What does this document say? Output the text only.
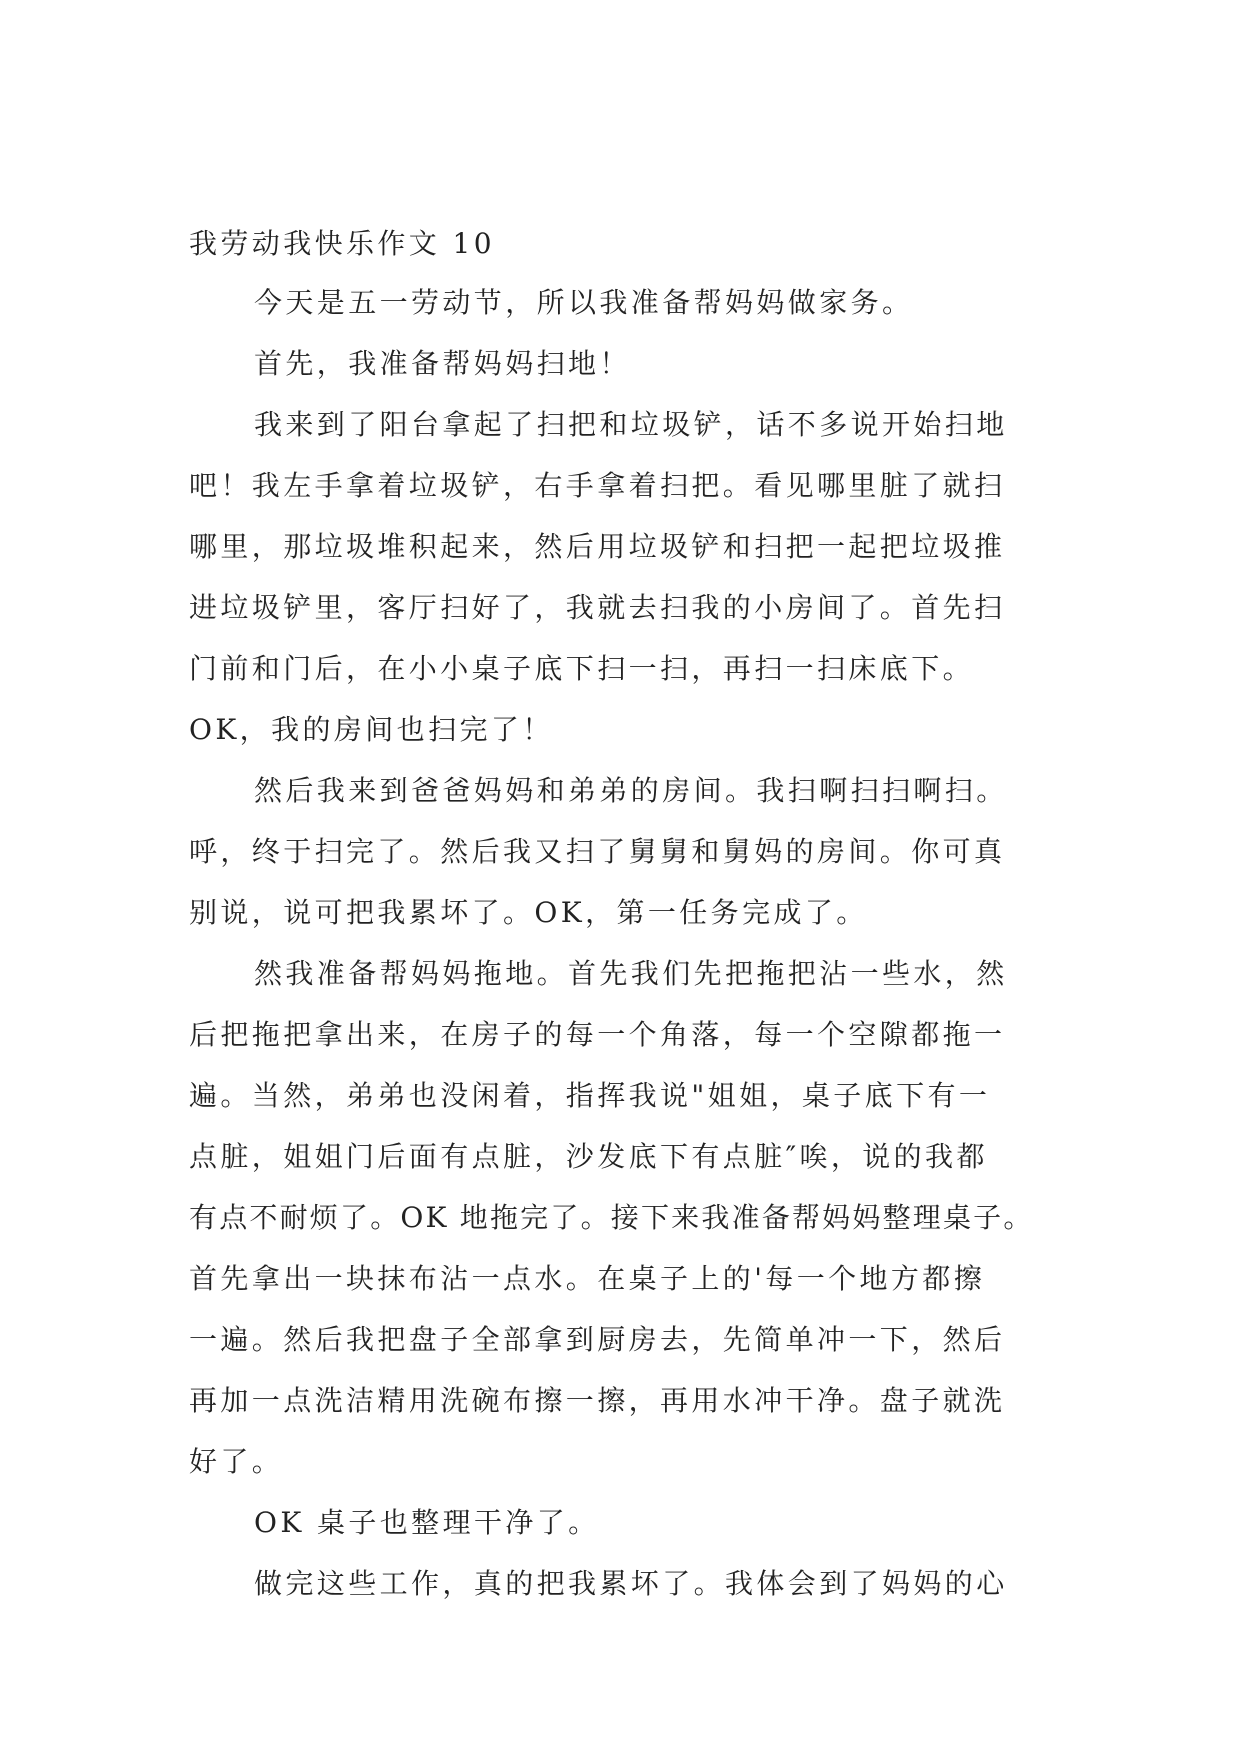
我劳动我快乐作文 10
今天是五一劳动节，所以我准备帮妈妈做家务。
首先，我准备帮妈妈扫地！
我来到了阳台拿起了扫把和垃圾铲，话不多说开始扫地
吧！我左手拿着垃圾铲，右手拿着扫把。看见哪里脏了就扫
哪里，那垃圾堆积起来，然后用垃圾铲和扫把一起把垃圾推
进垃圾铲里，客厅扫好了，我就去扫我的小房间了。首先扫
门前和门后，在小小桌子底下扫一扫，再扫一扫床底下。
OK，我的房间也扫完了！
然后我来到爸爸妈妈和弟弟的房间。我扫啊扫扫啊扫。
呼，终于扫完了。然后我又扫了舅舅和舅妈的房间。你可真
别说，说可把我累坏了。OK，第一任务完成了。
然我准备帮妈妈拖地。首先我们先把拖把沾一些水，然
后把拖把拿出来，在房子的每一个角落，每一个空隙都拖一
遍。当然，弟弟也没闲着，指挥我说"姐姐，桌子底下有一
点脏，姐姐门后面有点脏，沙发底下有点脏″唉，说的我都
有点不耐烦了。OK 地拖完了。接下来我准备帮妈妈整理桌子。
首先拿出一块抹布沾一点水。在桌子上的'每一个地方都擦
一遍。然后我把盘子全部拿到厨房去，先简单冲一下，然后
再加一点洗洁精用洗碗布擦一擦，再用水冲干净。盘子就洗
好了。
OK 桌子也整理干净了。
做完这些工作，真的把我累坏了。我体会到了妈妈的心
